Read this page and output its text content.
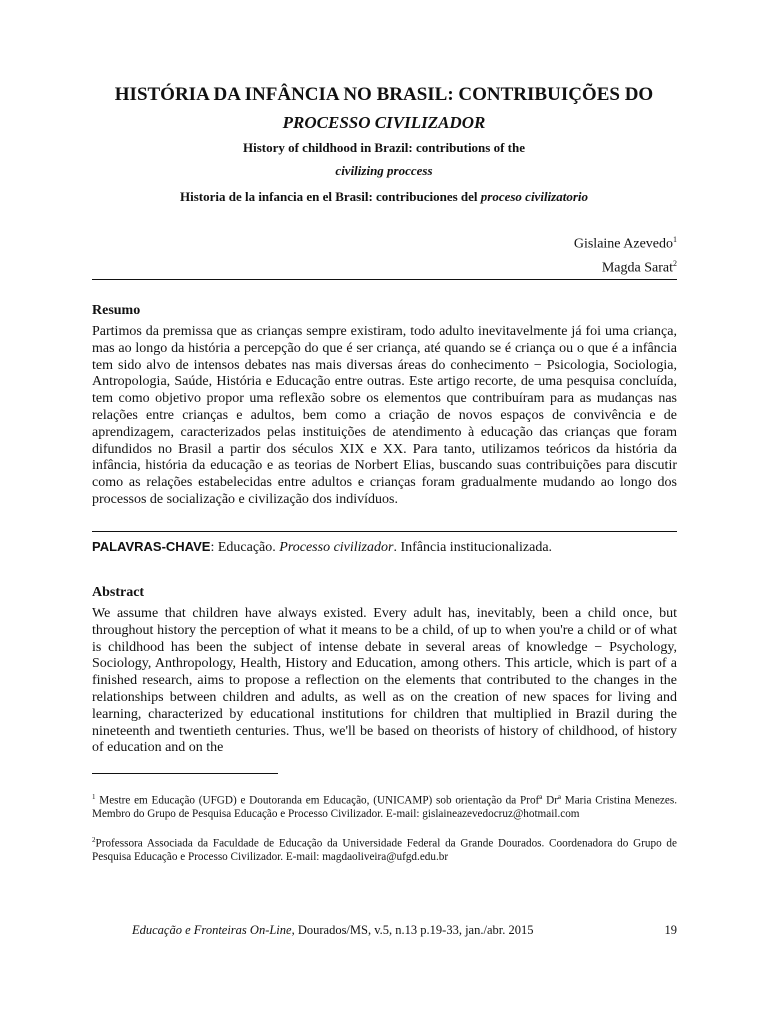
HISTÓRIA DA INFÂNCIA NO BRASIL: CONTRIBUIÇÕES DO
PROCESSO CIVILIZADOR
History of childhood in Brazil: contributions of the
civilizing proccess
Historia de la infancia en el Brasil: contribuciones del proceso civilizatorio
Gislaine Azevedo$^1$
Magda Sarat$^2$
Resumo
Partimos da premissa que as crianças sempre existiram, todo adulto inevitavelmente já foi uma criança, mas ao longo da história a percepção do que é ser criança, até quando se é criança ou o que é a infância tem sido alvo de intensos debates nas mais diversas áreas do conhecimento − Psicologia, Sociologia, Antropologia, Saúde, História e Educação entre outras. Este artigo recorte, de uma pesquisa concluída, tem como objetivo propor uma reflexão sobre os elementos que contribuíram para as mudanças nas relações entre crianças e adultos, bem como a criação de novos espaços de convivência e de aprendizagem, caracterizados pelas instituições de atendimento à educação das crianças que foram difundidos no Brasil a partir dos séculos XIX e XX. Para tanto, utilizamos teóricos da história da infância, história da educação e as teorias de Norbert Elias, buscando suas contribuições para discutir como as relações estabelecidas entre adultos e crianças foram gradualmente mudando ao longo dos processos de socialização e civilização dos indivíduos.
PALAVRAS-CHAVE: Educação. Processo civilizador. Infância institucionalizada.
Abstract
We assume that children have always existed. Every adult has, inevitably, been a child once, but throughout history the perception of what it means to be a child, of up to when you're a child or of what is childhood has been the subject of intense debate in several areas of knowledge − Psychology, Sociology, Anthropology, Health, History and Education, among others. This article, which is part of a finished research, aims to propose a reflection on the elements that contributed to the changes in the relationships between children and adults, as well as on the creation of new spaces for living and learning, characterized by educational institutions for children that multiplied in Brazil during the nineteenth and twentieth centuries. Thus, we'll be based on theorists of history of childhood, of history of education and on the
$^1$ Mestre em Educação (UFGD) e Doutoranda em Educação, (UNICAMP) sob orientação da Profª Drª Maria Cristina Menezes. Membro do Grupo de Pesquisa Educação e Processo Civilizador. E-mail: gislaineazevedocruz@hotmail.com
$^2$Professora Associada da Faculdade de Educação da Universidade Federal da Grande Dourados. Coordenadora do Grupo de Pesquisa Educação e Processo Civilizador. E-mail: magdaoliveira@ufgd.edu.br
Educação e Fronteiras On-Line, Dourados/MS, v.5, n.13 p.19-33, jan./abr. 2015	19
